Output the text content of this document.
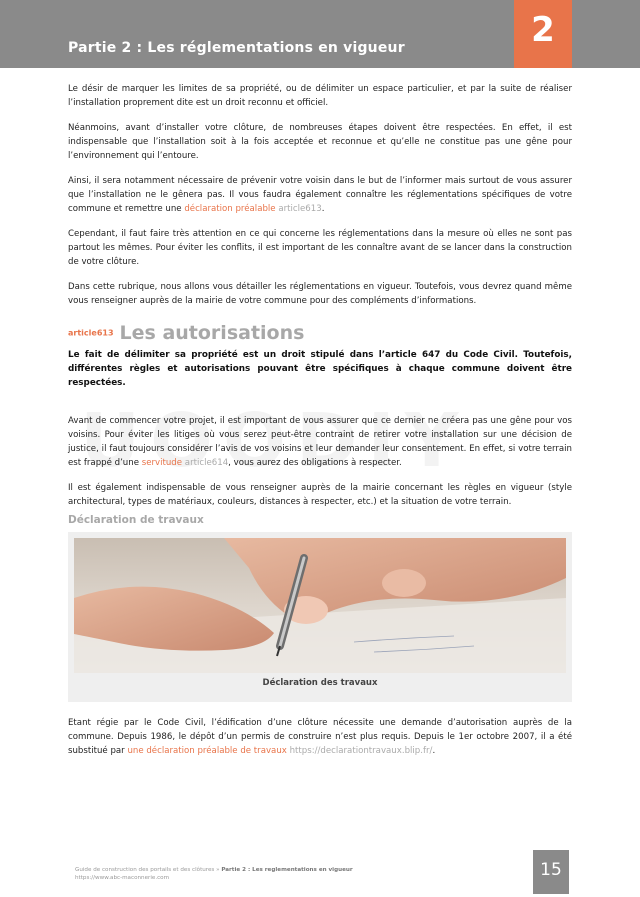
Partie 2 : Les réglementations en vigueur	2

Le désir de marquer les limites de sa propriété, ou de délimiter un espace particulier, et par la suite de réaliser l’installation proprement dite est un droit reconnu et officiel.

Néanmoins, avant d’installer votre clôture, de nombreuses étapes doivent être respectées. En effet, il est indispensable que l’installation soit à la fois acceptée et reconnue et qu’elle ne constitue pas une gêne pour l’environnement qui l’entoure.

Ainsi, il sera notamment nécessaire de prévenir votre voisin dans le but de l’informer mais surtout de vous assurer que l’installation ne le gênera pas. Il vous faudra également connaître les réglementations spécifiques de votre commune et remettre une déclaration préalable article613.

Cependant, il faut faire très attention en ce qui concerne les réglementations dans la mesure où elles ne sont pas partout les mêmes. Pour éviter les conflits, il est important de les connaître avant de se lancer dans la construction de votre clôture.

Dans cette rubrique, nous allons vous détailler les réglementations en vigueur. Toutefois, vous devrez quand même vous renseigner auprès de la mairie de votre commune pour des compléments d’informations.

article613 Les autorisations
Le fait de délimiter sa propriété est un droit stipulé dans l’article 647 du Code Civil. Toutefois, différentes règles et autorisations pouvant être spécifiques à chaque commune doivent être respectées.

Avant de commencer votre projet, il est important de vous assurer que ce dernier ne créera pas une gêne pour vos voisins. Pour éviter les litiges où vous serez peut-être contraint de retirer votre installation sur une décision de justice, il faut toujours considérer l’avis de vos voisins et leur demander leur consentement. En effet, si votre terrain est frappé d’une servitude article614, vous aurez des obligations à respecter.

Il est également indispensable de vous renseigner auprès de la mairie concernant les règles en vigueur (style architectural, types de matériaux, couleurs, distances à respecter, etc.) et la situation de votre terrain.

Déclaration de travaux
Déclaration des travaux
Etant régie par le Code Civil, l’édification d’une clôture nécessite une demande d’autorisation auprès de la commune. Depuis 1986, le dépôt d’un permis de construire n’est plus requis. Depuis le 1er octobre 2007, il a été substitué par une déclaration préalable de travaux https://declarationtravaux.blip.fr/.
Guide de construction des portails et des clôtures » Partie 2 : Les reglementations en vigueur
https://www.abc-maconnerie.com	15
